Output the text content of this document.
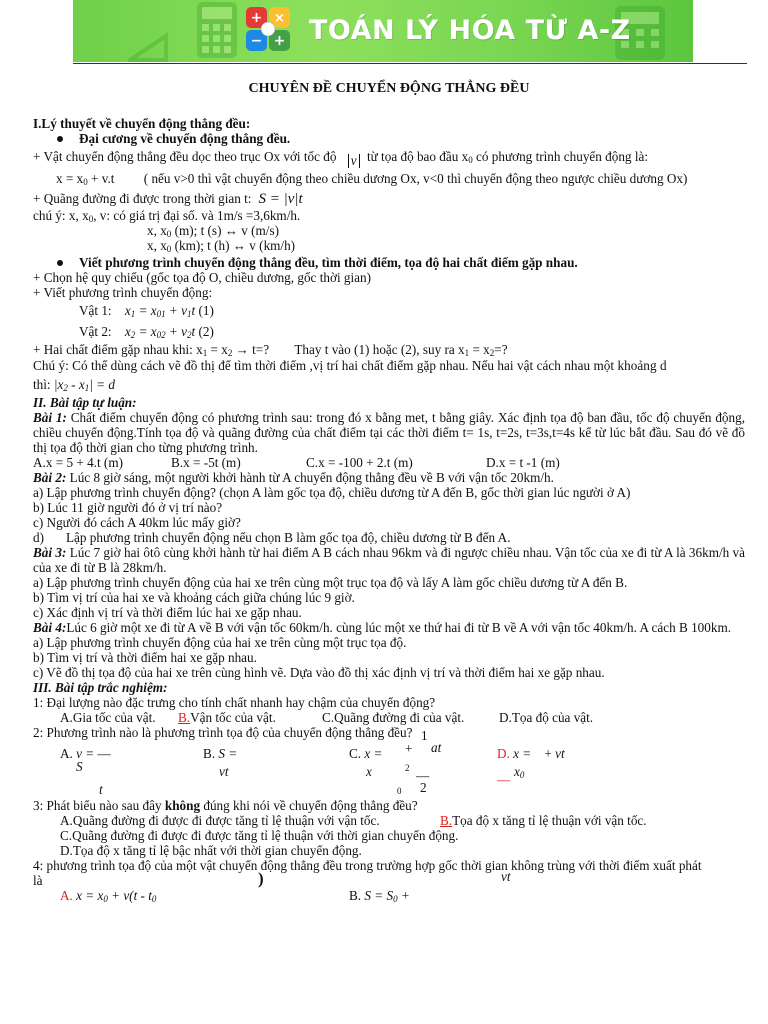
+ ×
− + TOÁN LÝ HÓA TỪ A-Z
CHUYÊN ĐỀ CHUYỂN ĐỘNG THẲNG ĐỀU
I.Lý thuyết về chuyển động thẳng đều:
Đại cương về chuyển động thẳng đều.
+ Vật chuyển động thẳng đều dọc theo trục Ox với tốc độ v từ tọa độ bao đầu $x_0$ có phương trình chuyển động là:
$x = x_0 + v.t$ ( nếu v>0 thì vật chuyển động theo chiều dương Ox, v<0 thì chuyển động theo ngược chiều dương Ox)
+ Quãng đường đi được trong thời gian t:  S = |v|t
chú ý: x, $x_0$, v: có giá trị đại số. và 1m/s =3,6km/h.
x, $x_0$ (m); t (s) ↔ v (m/s)
x, $x_0$ (km); t (h) ↔ v (km/h)
Viết phương trình chuyển động thẳng đều, tìm thời điểm, tọa độ hai chất điểm gặp nhau.
+ Chọn hệ quy chiếu (gốc tọa độ O, chiều dương, gốc thời gian)
+ Viết phương trình chuyển động:
Vật 1: $x_1 = x_{01} + v_1t$ (1)
Vật 2: $x_2 = x_{02} + v_2t$ (2)
+ Hai chất điểm gặp nhau khi: $x_1 = x_2 \to t=$? Thay t vào (1) hoặc (2), suy ra $x_1 = x_2=$?
Chú ý: Có thể dùng cách vẽ đồ thị để tìm thời điểm ,vị trí hai chất điểm gặp nhau. Nếu hai vật cách nhau một khoảng d
thì: $|x_2 - x_1| = d$
II. Bài tập tự luận:
Bài 1: Chất điểm chuyển động có phương trình sau: trong đó x bằng met, t bằng giây. Xác định tọa độ ban đầu, tốc độ chuyển động, chiều chuyển động.Tính tọa độ và quãng đường của chất điểm tại các thời điểm t= 1s, t=2s, t=3s,t=4s kể từ lúc bắt đầu. Sau đó vẽ đồ thị tọa độ thời gian cho từng phương trình.
A.x = 5 + 4.t (m)	B.x = -5t (m)	C.x = -100 + 2.t (m)	D.x = t -1 (m)
Bài 2: Lúc 8 giờ sáng, một người khởi hành từ A chuyển động thẳng đều về B với vận tốc 20km/h.
a) Lập phương trình chuyển động? (chọn A làm gốc tọa độ, chiều dương từ A đến B, gốc thời gian lúc người ở A)
b) Lúc 11 giờ người đó ở vị trí nào?
c) Người đó cách A 40km lúc mấy giờ?
d) Lập phương trình chuyển động nếu chọn B làm gốc tọa độ, chiều dương từ B đến A.
Bài 3: Lúc 7 giờ hai ôtô cùng khởi hành từ hai điểm A B cách nhau 96km và đi ngược chiều nhau. Vận tốc của xe đi từ A là 36km/h và của xe đi từ B là 28km/h.
a) Lập phương trình chuyển động của hai xe trên cùng một trục tọa độ và lấy A làm gốc chiều dương từ A đến B.
b) Tìm vị trí của hai xe và khoảng cách giữa chúng lúc 9 giờ.
c) Xác định vị trí và thời điểm lúc hai xe gặp nhau.
Bài 4:Lúc 6 giờ một xe đi từ A về B với vận tốc 60km/h. cùng lúc một xe thứ hai đi từ B về A với vận tốc 40km/h. A cách B 100km.
a) Lập phương trình chuyển động của hai xe trên cùng một trục tọa độ.
b) Tìm vị trí và thời điểm hai xe gặp nhau.
c) Vẽ đồ thị tọa độ của hai xe trên cùng hình vẽ. Dựa vào đồ thị xác định vị trí và thời điểm hai xe gặp nhau.
III. Bài tập trắc nghiệm:
1: Đại lượng nào đặc trưng cho tính chất nhanh hay chậm của chuyển động?
A.Gia tốc của vật. B.Vận tốc của vật.	C.Quãng đường đi của vật.	D.Tọa độ của vật.
2: Phương trình nào là phương trình tọa độ của chuyển động thẳng đều?
A. v = —
S
t
B. S =
vt
C. x =
x
0
+
1
at
2 —
2
D. x =    + vt
$x_0$
—
3: Phát biểu nào sau đây không đúng khi nói về chuyển động thẳng đều?
A.Quãng đường đi được đi được tăng tỉ lệ thuận với vận tốc.	B.Tọa độ x tăng tỉ lệ thuận với vận tốc.
C.Quãng đường đi được đi được tăng tỉ lệ thuận với thời gian chuyển động.
D.Tọa độ x tăng tỉ lệ bậc nhất với thời gian chuyển động.
4: phương trình tọa độ của một vật chuyển động thẳng đều trong trường hợp gốc thời gian không trùng với thời điểm xuất phát
là	)	vt
A. $x = x_0 + v(t - t_0$	B. $S = S_0$ +
